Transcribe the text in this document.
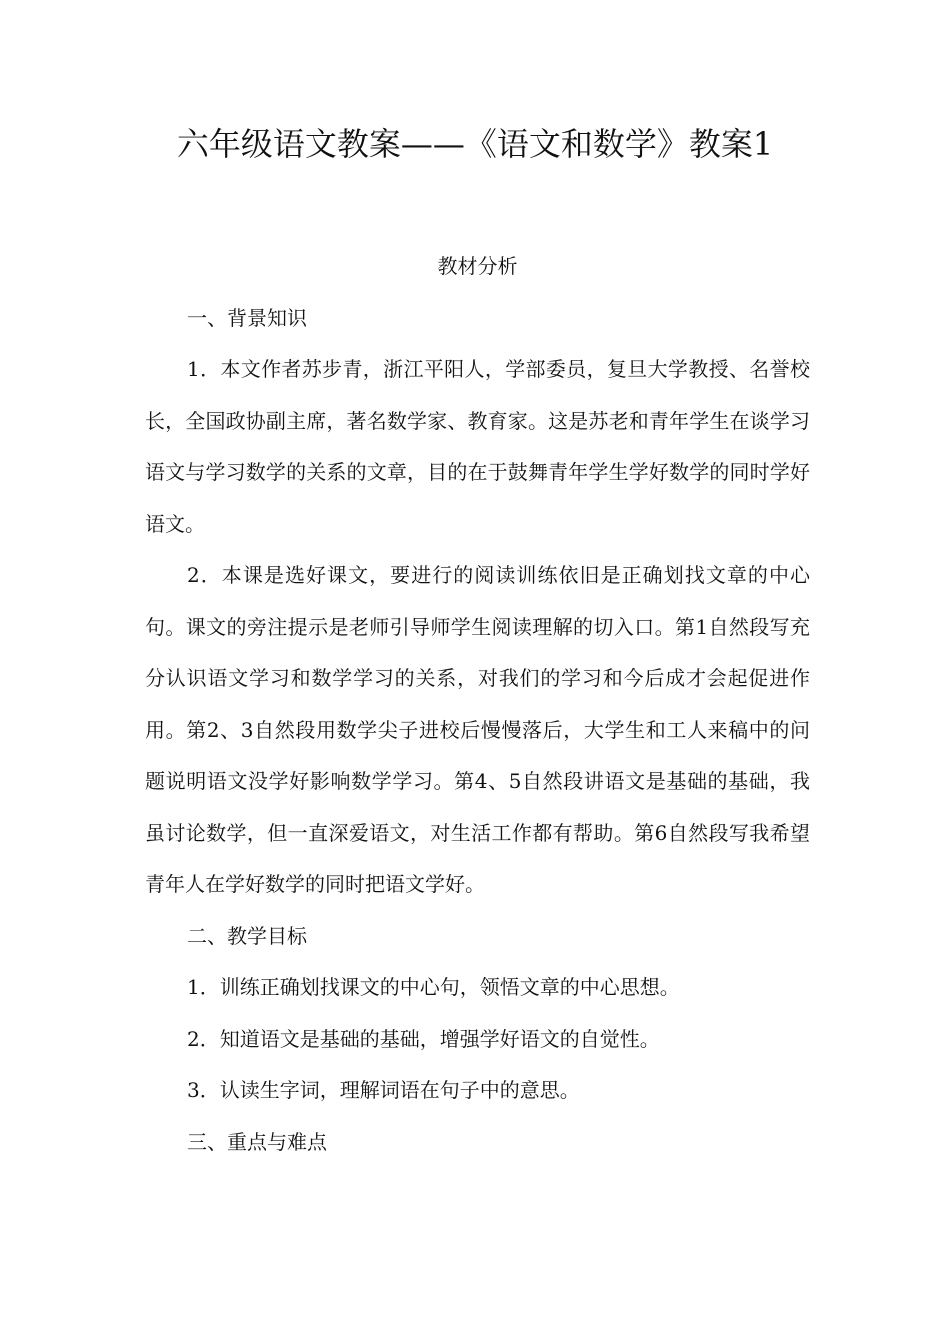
六年级语文教案——《语文和数学》教案1

教材分析

一、背景知识

1．本文作者苏步青，浙江平阳人，学部委员，复旦大学教授、名誉校长，全国政协副主席，著名数学家、教育家。这是苏老和青年学生在谈学习语文与学习数学的关系的文章，目的在于鼓舞青年学生学好数学的同时学好语文。

2．本课是选好课文，要进行的阅读训练依旧是正确划找文章的中心句。课文的旁注提示是老师引导师学生阅读理解的切入口。第1自然段写充分认识语文学习和数学学习的关系，对我们的学习和今后成才会起促进作用。第2、3自然段用数学尖子进校后慢慢落后，大学生和工人来稿中的问题说明语文没学好影响数学学习。第4、5自然段讲语文是基础的基础，我虽讨论数学，但一直深爱语文，对生活工作都有帮助。第6自然段写我希望青年人在学好数学的同时把语文学好。

二、教学目标

1．训练正确划找课文的中心句，领悟文章的中心思想。

2．知道语文是基础的基础，增强学好语文的自觉性。

3．认读生字词，理解词语在句子中的意思。

三、重点与难点
